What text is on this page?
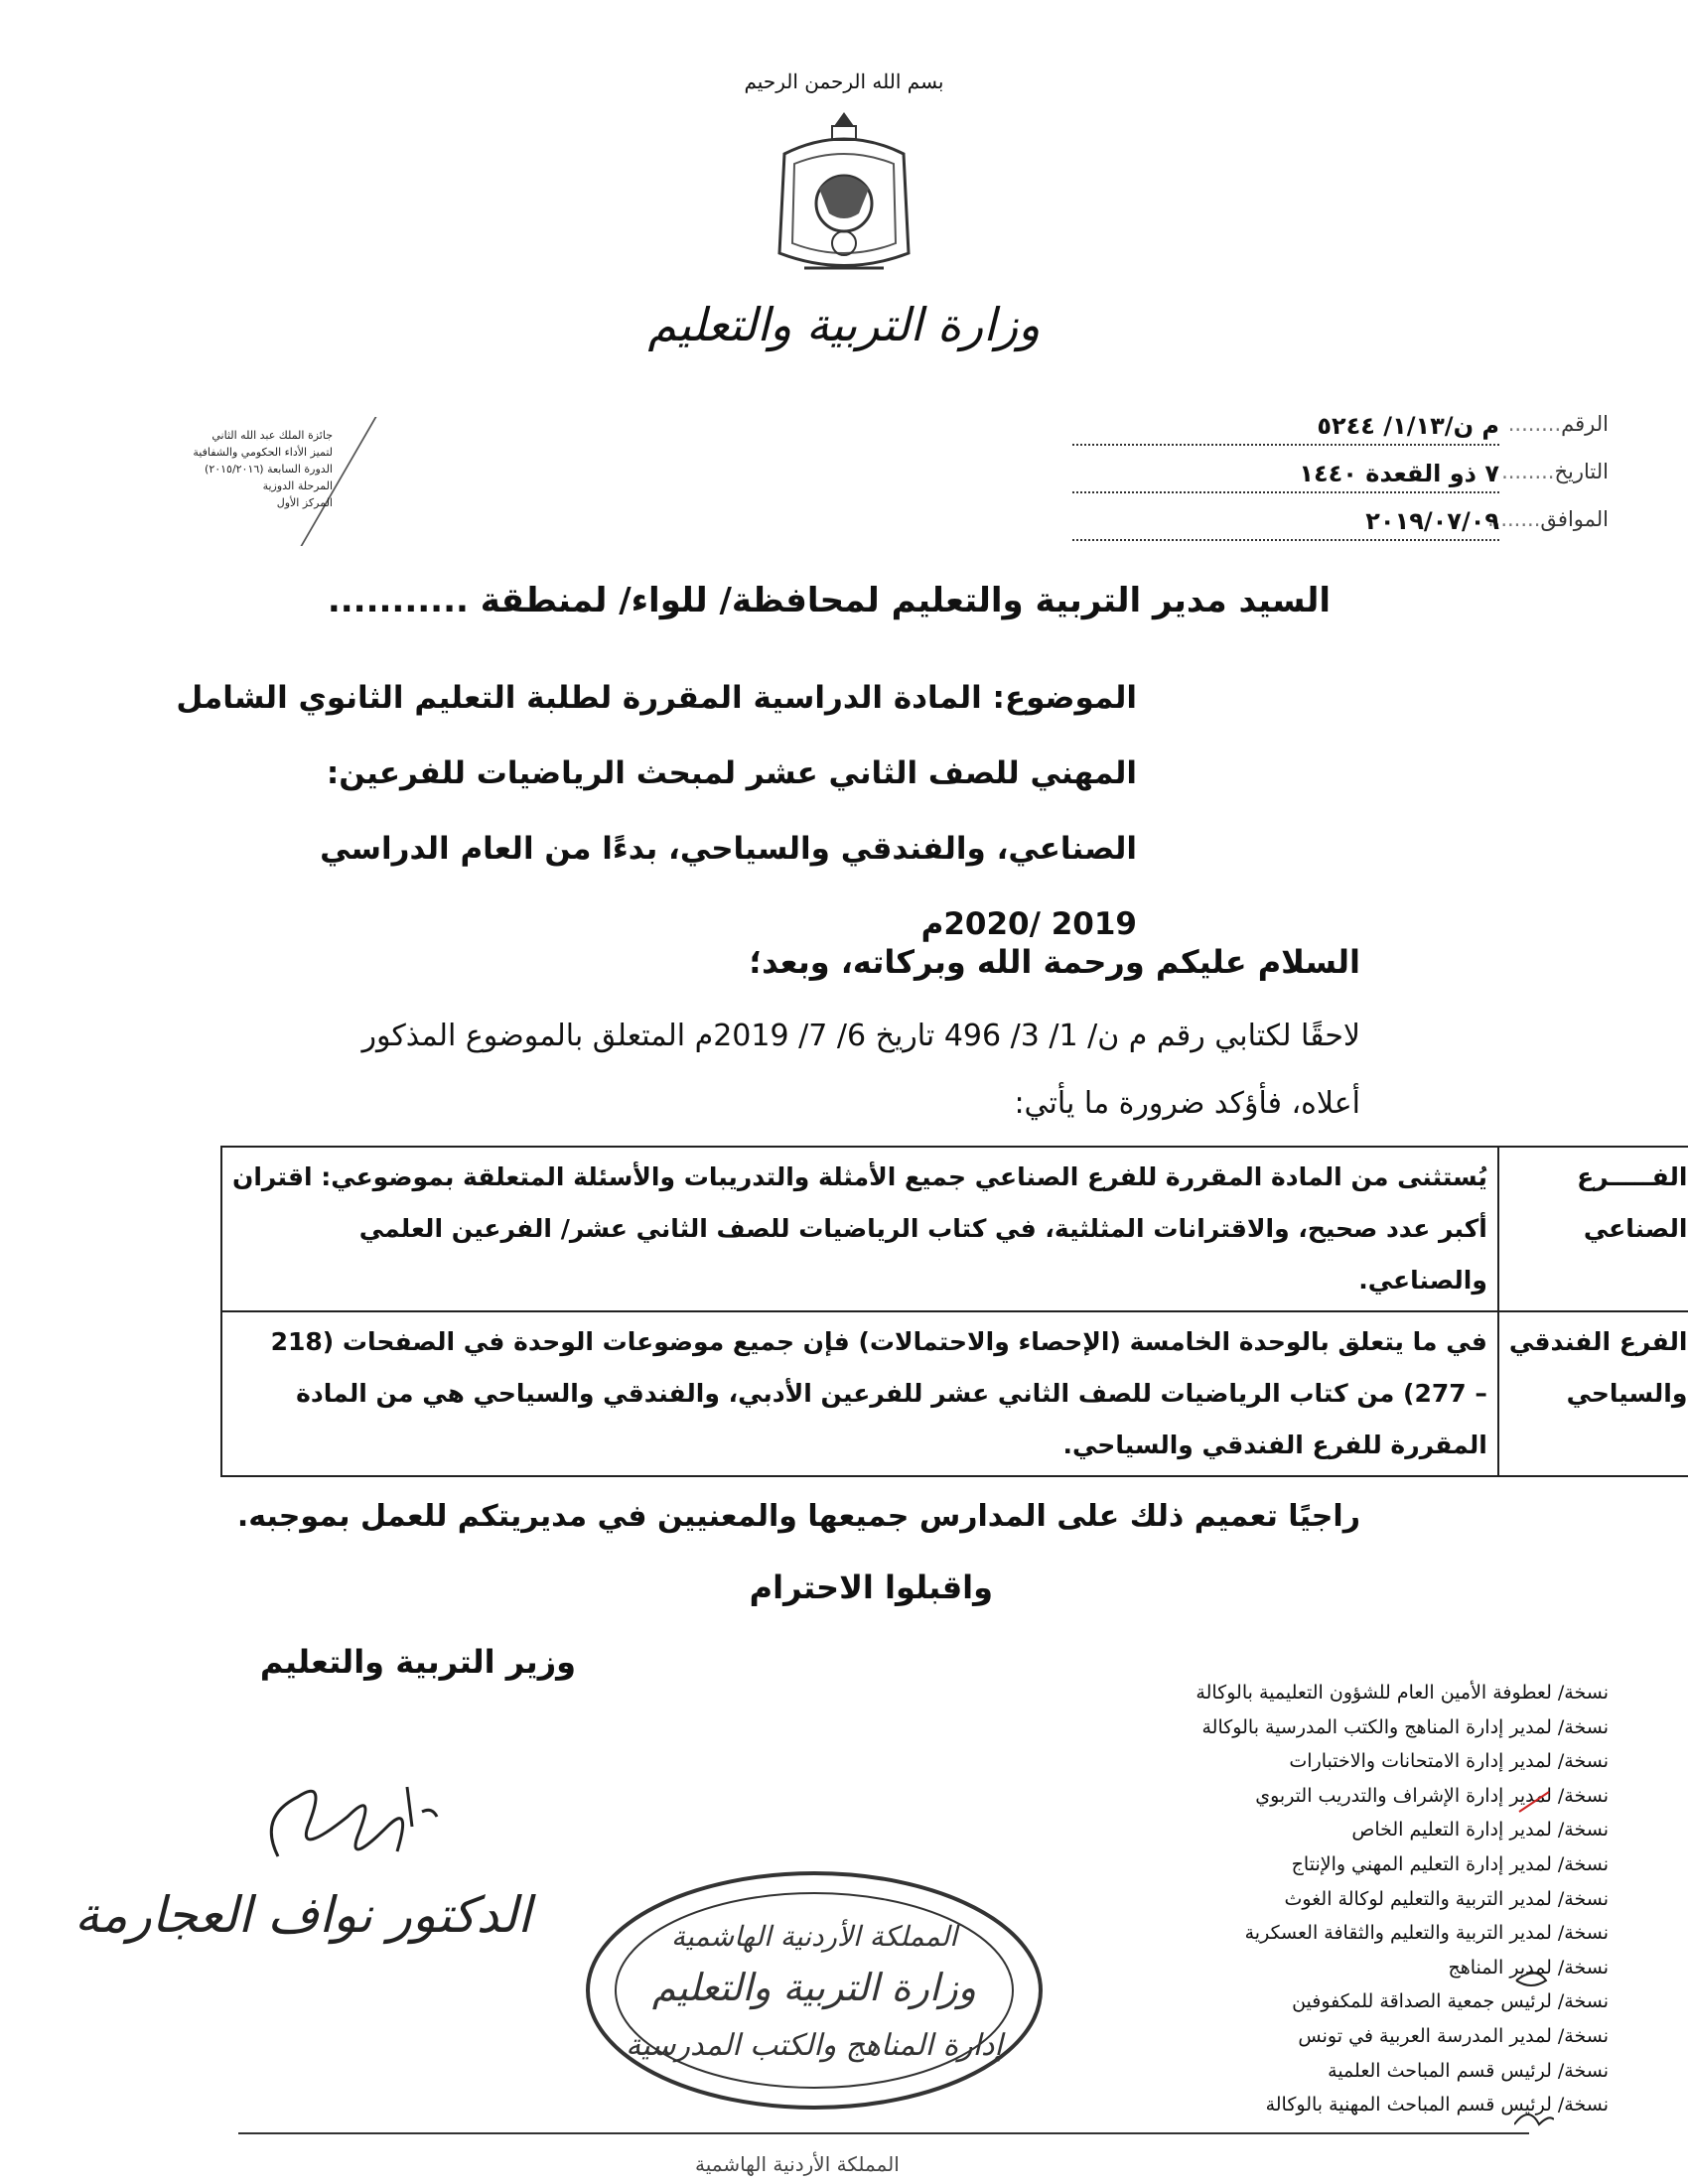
بسم الله الرحمن الرحيم
وزارة التربية والتعليم
جائزة الملك عبد الله الثاني
لتميز الأداء الحكومي والشفافية
الدورة السابعة (٢٠١٥/٢٠١٦)
المرحلة الدوزية
المركز الأول
الرقم ........
م ن/١/١٣/ ٥٢٤٤
التاريخ ........
٧ ذو القعدة ١٤٤٠
الموافق ........
٢٠١٩/٠٧/٠٩
السيد مدير التربية والتعليم لمحافظة/ للواء/ لمنطقة ...........
الموضوع: المادة الدراسية المقررة لطلبة التعليم الثانوي الشامل
المهني للصف الثاني عشر لمبحث الرياضيات للفرعين:
الصناعي، والفندقي والسياحي، بدءًا من العام الدراسي
2019 /2020م
السلام عليكم ورحمة الله وبركاته، وبعد؛
لاحقًا لكتابي رقم م ن/ 1/ 3/ 496 تاريخ 6/ 7/ 2019م المتعلق بالموضوع المذكور
أعلاه، فأؤكد ضرورة ما يأتي:
الفـــــرع
الصناعي	يُستثنى من المادة المقررة للفرع الصناعي جميع الأمثلة والتدريبات والأسئلة المتعلقة بموضوعي: اقتران
أكبر عدد صحيح، والاقترانات المثلثية، في كتاب الرياضيات للصف الثاني عشر/ الفرعين العلمي
والصناعي.

الفرع الفندقي
والسياحي	في ما يتعلق بالوحدة الخامسة (الإحصاء والاحتمالات) فإن جميع موضوعات الوحدة في الصفحات (218
– 277) من كتاب الرياضيات للصف الثاني عشر للفرعين الأدبي، والفندقي والسياحي هي من المادة
المقررة للفرع الفندقي والسياحي.
راجيًا تعميم ذلك على المدارس جميعها والمعنيين في مديريتكم للعمل بموجبه.
واقبلوا الاحترام
وزير التربية والتعليم
نسخة/ لعطوفة الأمين العام للشؤون التعليمية بالوكالة
نسخة/ لمدير إدارة المناهج والكتب المدرسية بالوكالة
نسخة/ لمدير إدارة الامتحانات والاختبارات
نسخة/ لمدير إدارة الإشراف والتدريب التربوي
نسخة/ لمدير إدارة التعليم الخاص
نسخة/ لمدير إدارة التعليم المهني والإنتاج
نسخة/ لمدير التربية والتعليم لوكالة الغوث
نسخة/ لمدير التربية والتعليم والثقافة العسكرية
نسخة/ لمدير المناهج
نسخة/ لرئيس جمعية الصداقة للمكفوفين
نسخة/ لمدير المدرسة العربية في تونس
نسخة/ لرئيس قسم المباحث العلمية
نسخة/ لرئيس قسم المباحث المهنية بالوكالة
الدكتور نواف العجارمة	المملكة الأردنية الهاشمية
وزارة التربية والتعليم
إدارة المناهج والكتب المدرسية
المملكة الأردنية الهاشمية
